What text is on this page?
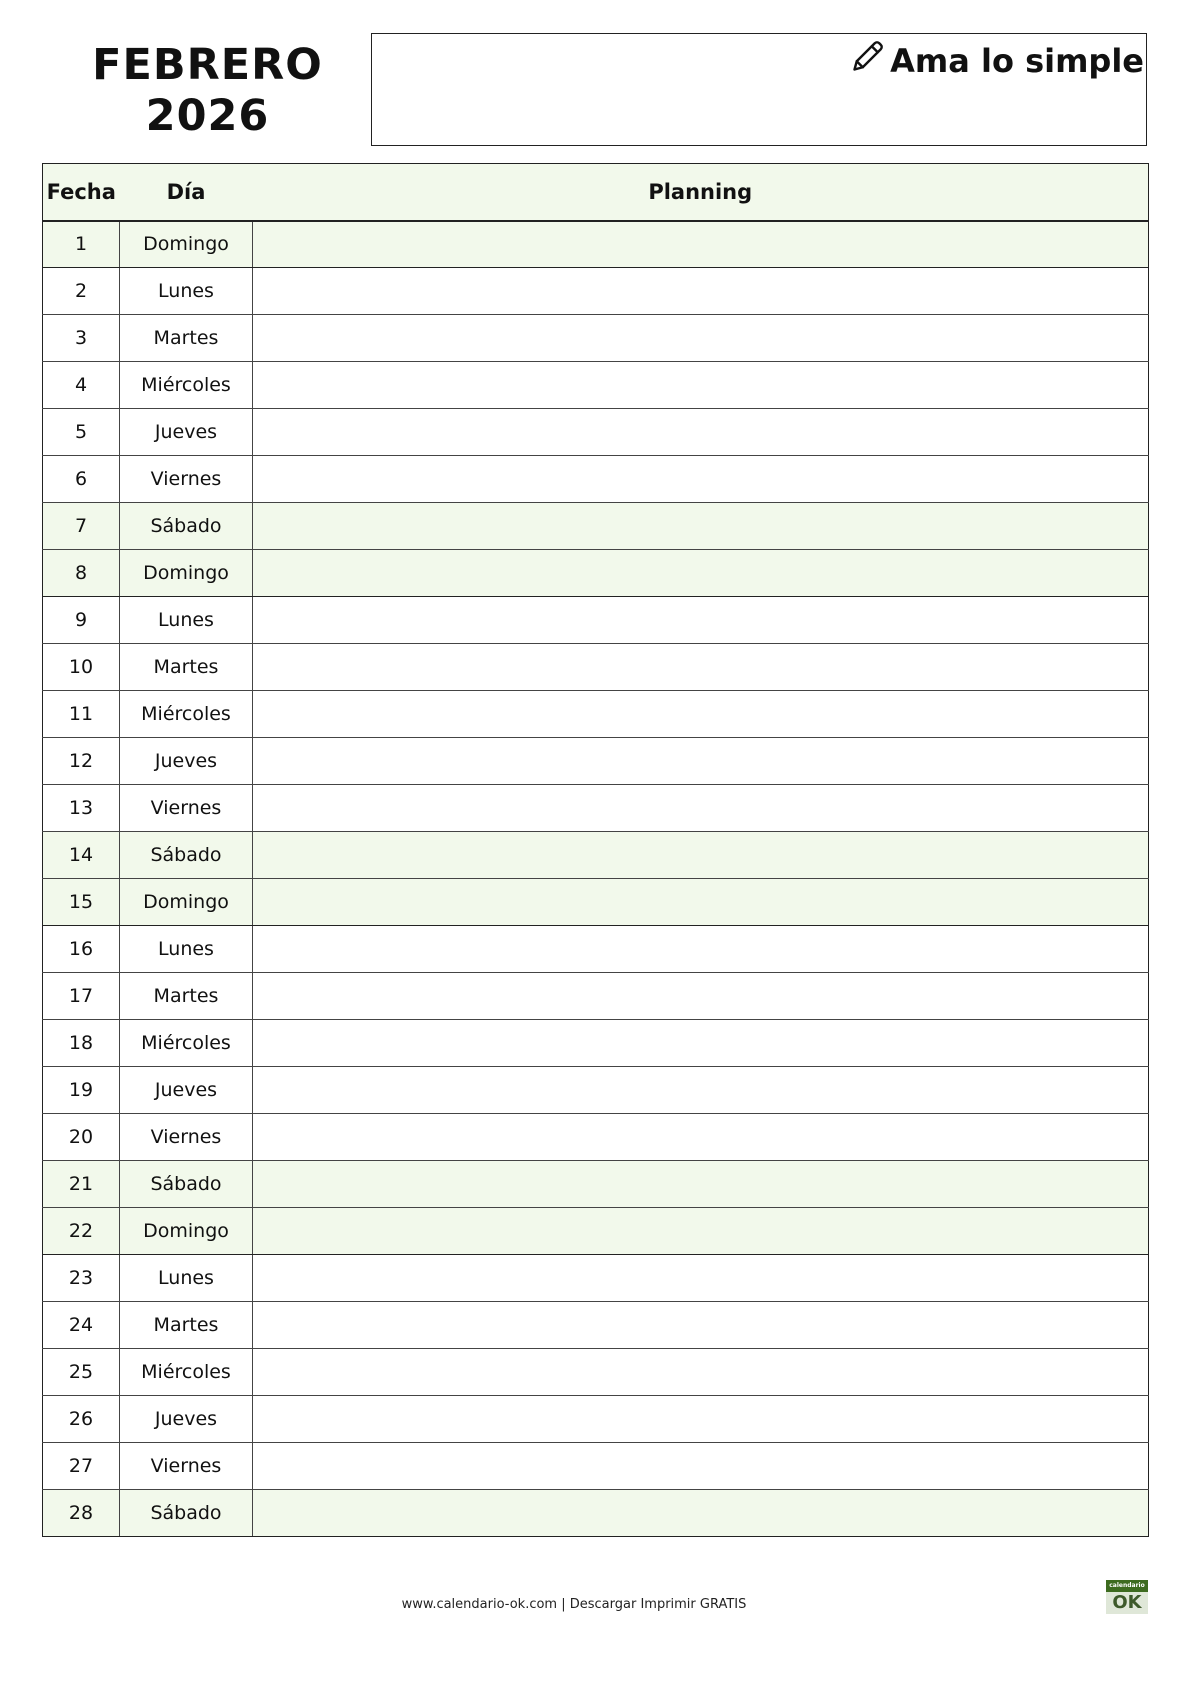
FEBRERO
2026
Ama lo simple
Fecha	Día	Planning
1	Domingo	
2	Lunes	
3	Martes	
4	Miércoles	
5	Jueves	
6	Viernes	
7	Sábado	
8	Domingo	
9	Lunes	
10	Martes	
11	Miércoles	
12	Jueves	
13	Viernes	
14	Sábado	
15	Domingo	
16	Lunes	
17	Martes	
18	Miércoles	
19	Jueves	
20	Viernes	
21	Sábado	
22	Domingo	
23	Lunes	
24	Martes	
25	Miércoles	
26	Jueves	
27	Viernes	
28	Sábado	
www.calendario-ok.com | Descargar Imprimir GRATIS
calendario
OK
